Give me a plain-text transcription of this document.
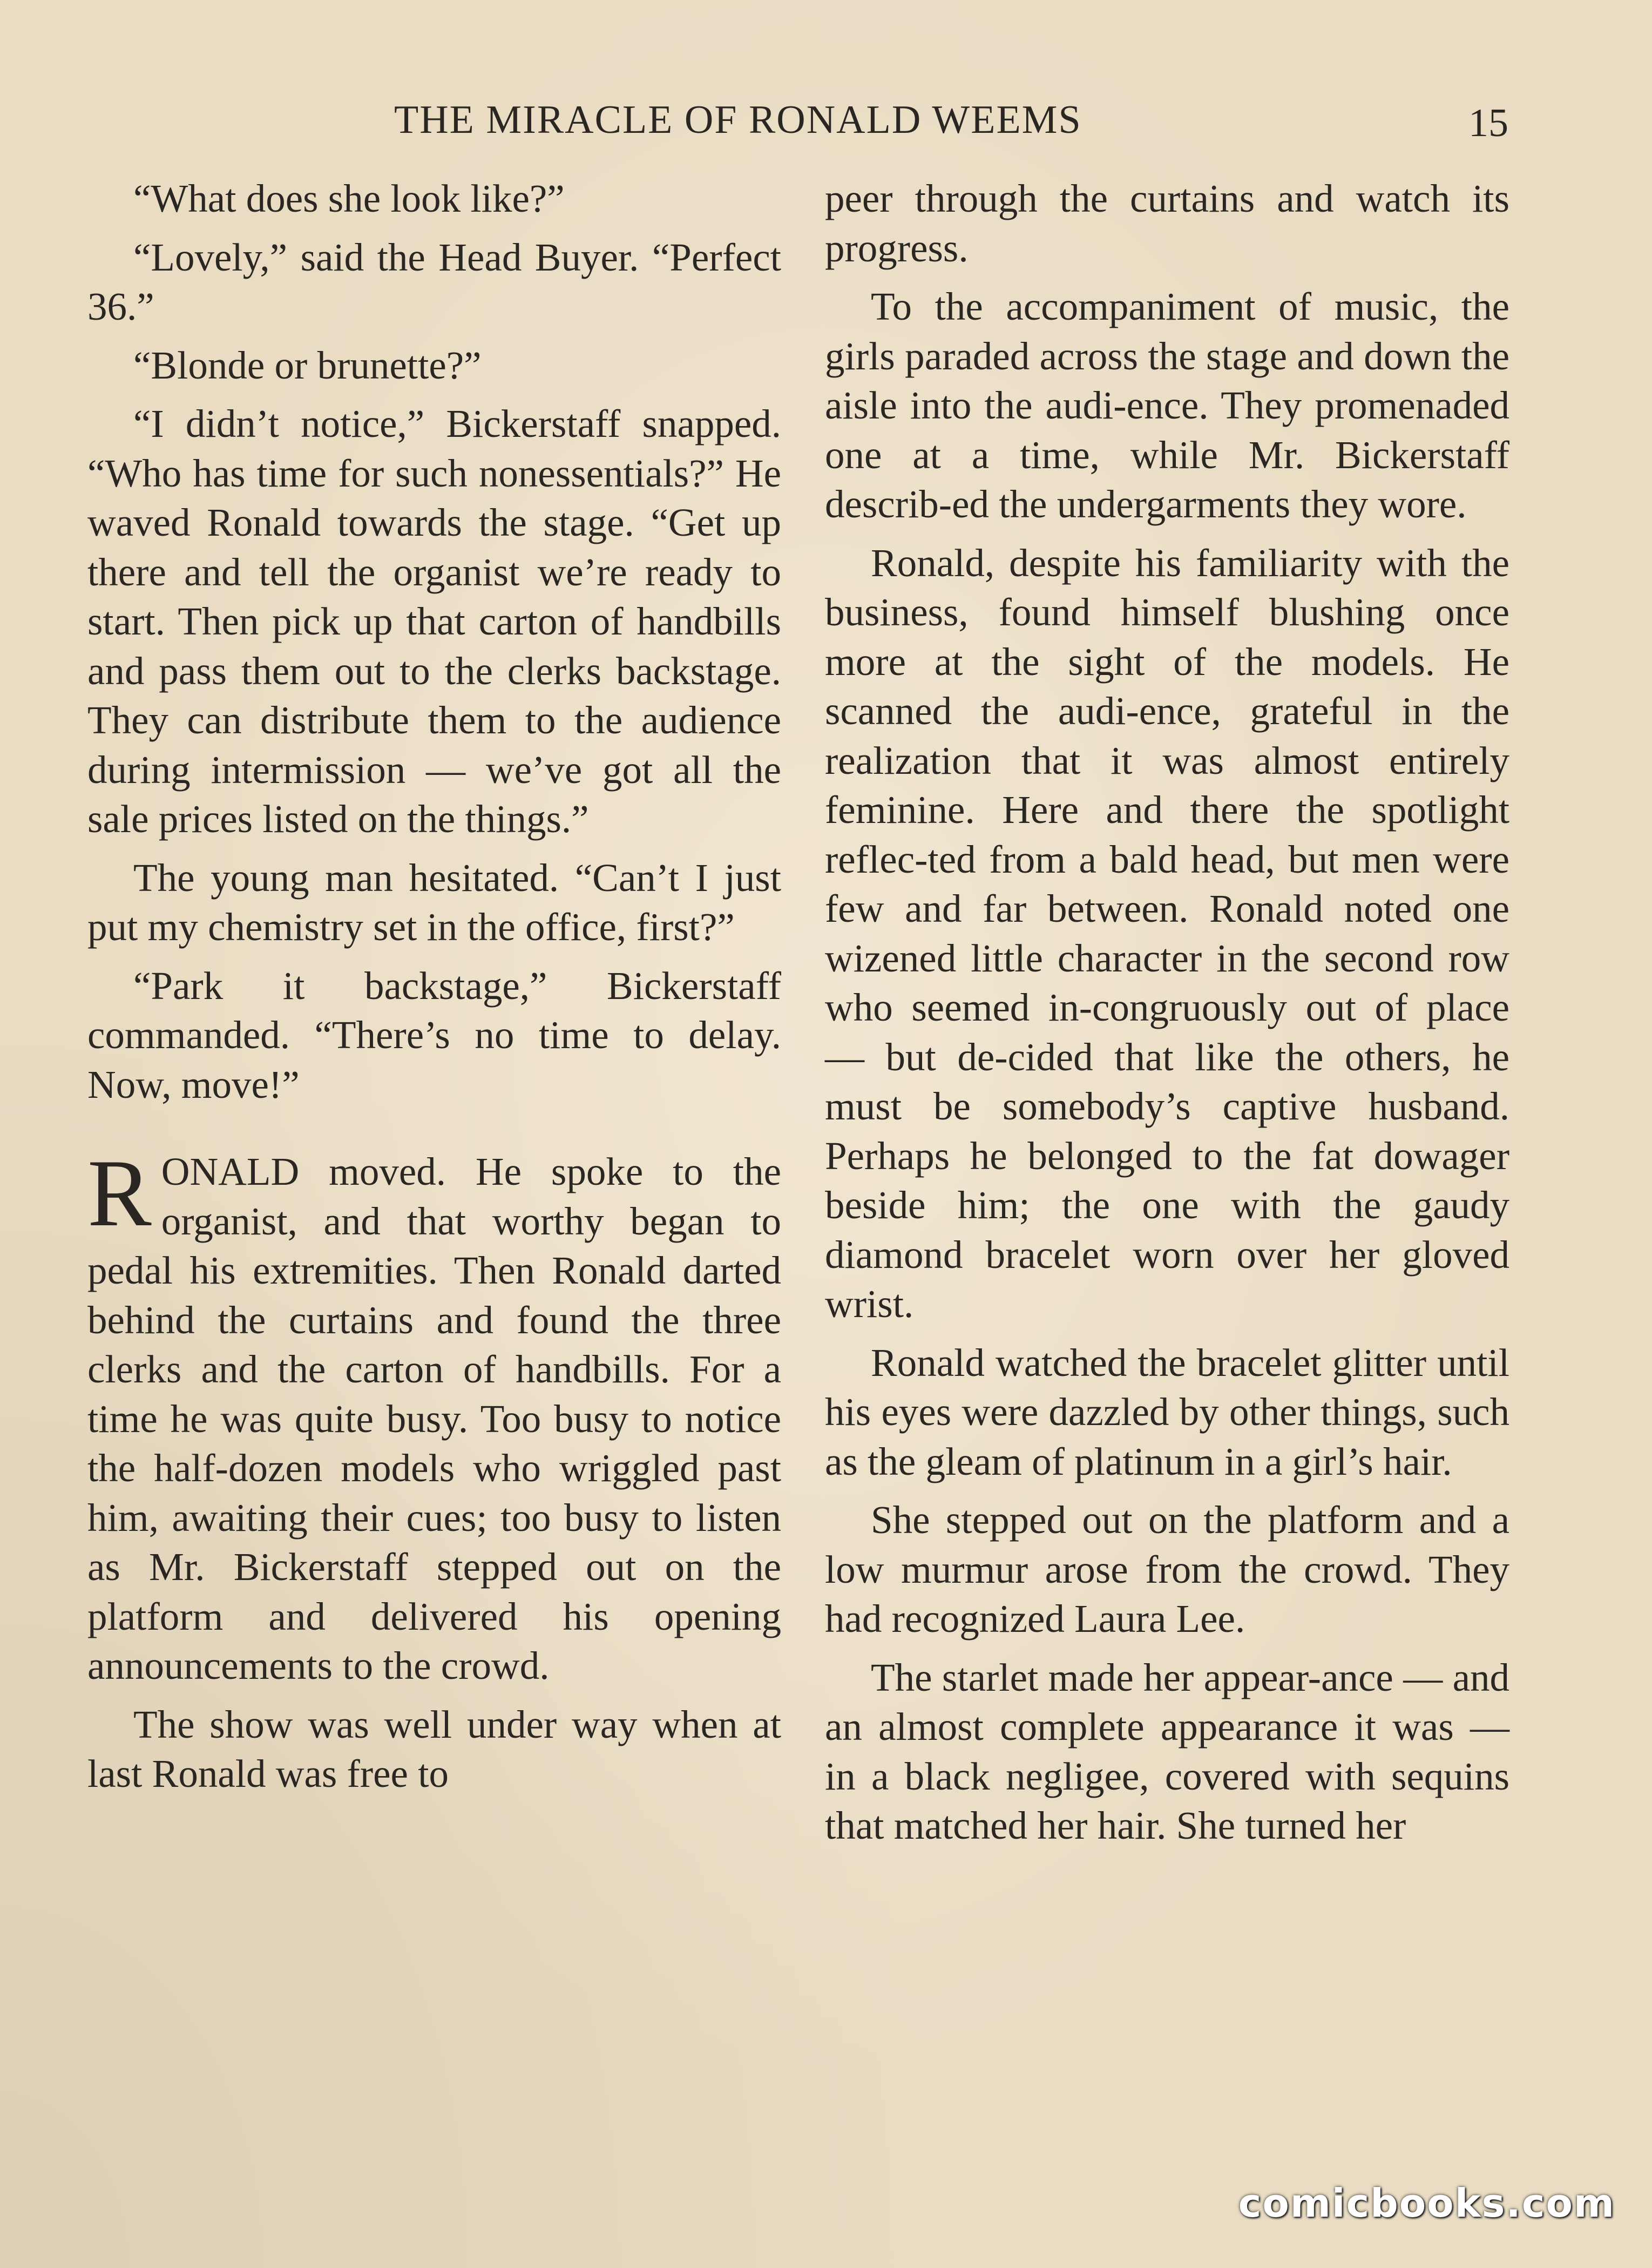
THE MIRACLE OF RONALD WEEMS	15

“What does she look like?”

“Lovely,” said the Head Buyer. “Perfect 36.”

“Blonde or brunette?”

“I didn’t notice,” Bickerstaff snapped. “Who has time for such nonessentials?” He waved Ronald towards the stage. “Get up there and tell the organist we’re ready to start. Then pick up that carton of handbills and pass them out to the clerks backstage. They can distribute them to the audience during intermission — we’ve got all the sale prices listed on the things.”

The young man hesitated. “Can’t I just put my chemistry set in the office, first?”

“Park it backstage,” Bickerstaff commanded. “There’s no time to delay. Now, move!”

RONALD moved. He spoke to the organist, and that worthy began to pedal his extremities. Then Ronald darted behind the curtains and found the three clerks and the carton of handbills. For a time he was quite busy. Too busy to notice the half-dozen models who wriggled past him, awaiting their cues; too busy to listen as Mr. Bickerstaff stepped out on the platform and delivered his opening announcements to the crowd.

The show was well under way when at last Ronald was free to

peer through the curtains and watch its progress.

To the accompaniment of music, the girls paraded across the stage and down the aisle into the audi-ence. They promenaded one at a time, while Mr. Bickerstaff describ-ed the undergarments they wore.

Ronald, despite his familiarity with the business, found himself blushing once more at the sight of the models. He scanned the audi-ence, grateful in the realization that it was almost entirely feminine. Here and there the spotlight reflec-ted from a bald head, but men were few and far between. Ronald noted one wizened little character in the second row who seemed in-congruously out of place — but de-cided that like the others, he must be somebody’s captive husband. Perhaps he belonged to the fat dowager beside him; the one with the gaudy diamond bracelet worn over her gloved wrist.

Ronald watched the bracelet glitter until his eyes were dazzled by other things, such as the gleam of platinum in a girl’s hair.

She stepped out on the platform and a low murmur arose from the crowd. They had recognized Laura Lee.

The starlet made her appear-ance — and an almost complete appearance it was — in a black negligee, covered with sequins that matched her hair. She turned her

comicbooks.com
